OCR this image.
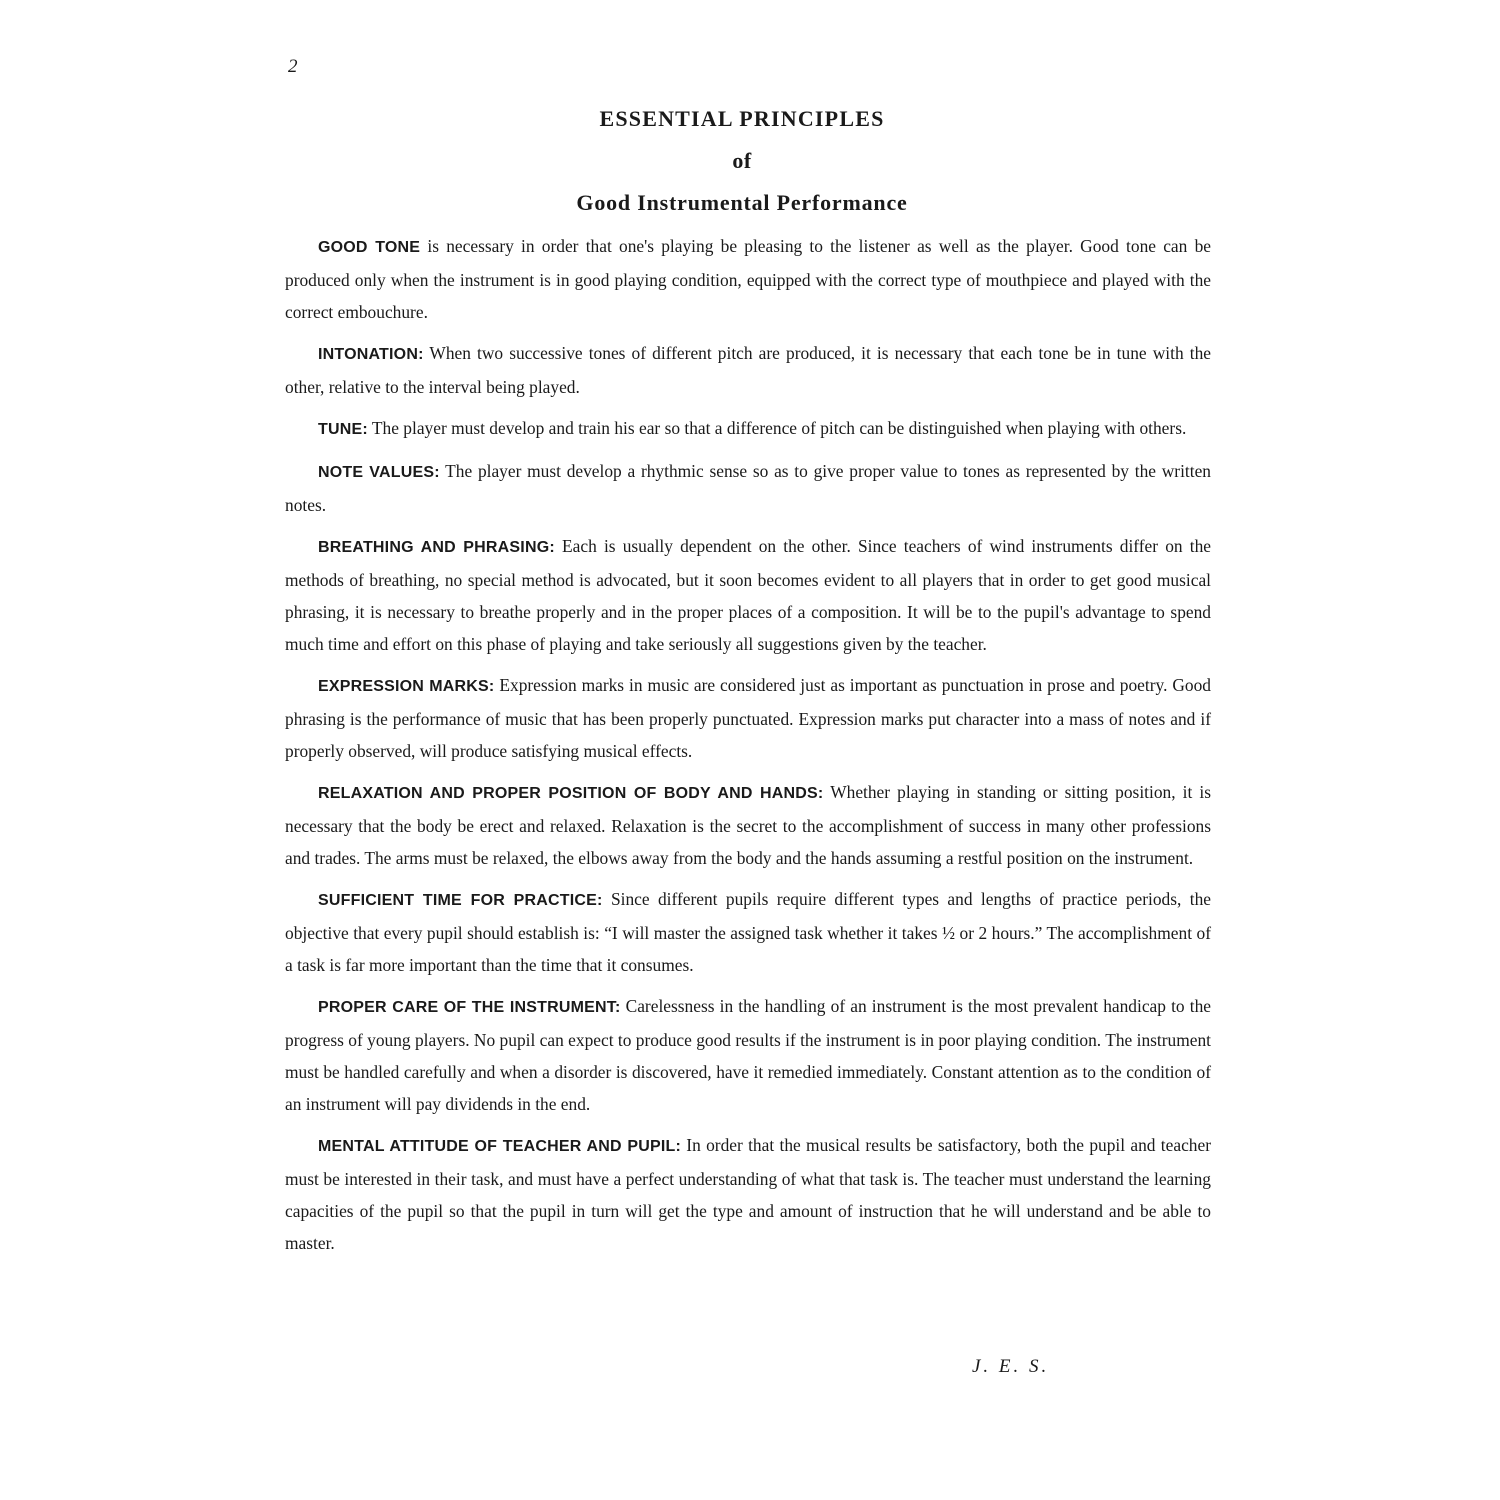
2
ESSENTIAL PRINCIPLES
of
Good Instrumental Performance

GOOD TONE is necessary in order that one's playing be pleasing to the listener as well as the player. Good tone can be produced only when the instrument is in good playing condition, equipped with the correct type of mouthpiece and played with the correct embouchure.

INTONATION: When two successive tones of different pitch are produced, it is necessary that each tone be in tune with the other, relative to the interval being played.

TUNE: The player must develop and train his ear so that a difference of pitch can be distinguished when playing with others.

NOTE VALUES: The player must develop a rhythmic sense so as to give proper value to tones as represented by the written notes.

BREATHING AND PHRASING: Each is usually dependent on the other. Since teachers of wind instruments differ on the methods of breathing, no special method is advocated, but it soon becomes evident to all players that in order to get good musical phrasing, it is necessary to breathe properly and in the proper places of a composition. It will be to the pupil's advantage to spend much time and effort on this phase of playing and take seriously all suggestions given by the teacher.

EXPRESSION MARKS: Expression marks in music are considered just as important as punctuation in prose and poetry. Good phrasing is the performance of music that has been properly punctuated. Expression marks put character into a mass of notes and if properly observed, will produce satisfying musical effects.

RELAXATION AND PROPER POSITION OF BODY AND HANDS: Whether playing in standing or sitting position, it is necessary that the body be erect and relaxed. Relaxation is the secret to the accomplishment of success in many other professions and trades. The arms must be relaxed, the elbows away from the body and the hands assuming a restful position on the instrument.

SUFFICIENT TIME FOR PRACTICE: Since different pupils require different types and lengths of practice periods, the objective that every pupil should establish is: “I will master the assigned task whether it takes ½ or 2 hours.” The accomplishment of a task is far more important than the time that it consumes.

PROPER CARE OF THE INSTRUMENT: Carelessness in the handling of an instrument is the most prevalent handicap to the progress of young players. No pupil can expect to produce good results if the instrument is in poor playing condition. The instrument must be handled carefully and when a disorder is discovered, have it remedied immediately. Constant attention as to the condition of an instrument will pay dividends in the end.

MENTAL ATTITUDE OF TEACHER AND PUPIL: In order that the musical results be satisfactory, both the pupil and teacher must be interested in their task, and must have a perfect understanding of what that task is. The teacher must understand the learning capacities of the pupil so that the pupil in turn will get the type and amount of instruction that he will understand and be able to master.

J. E. S.
